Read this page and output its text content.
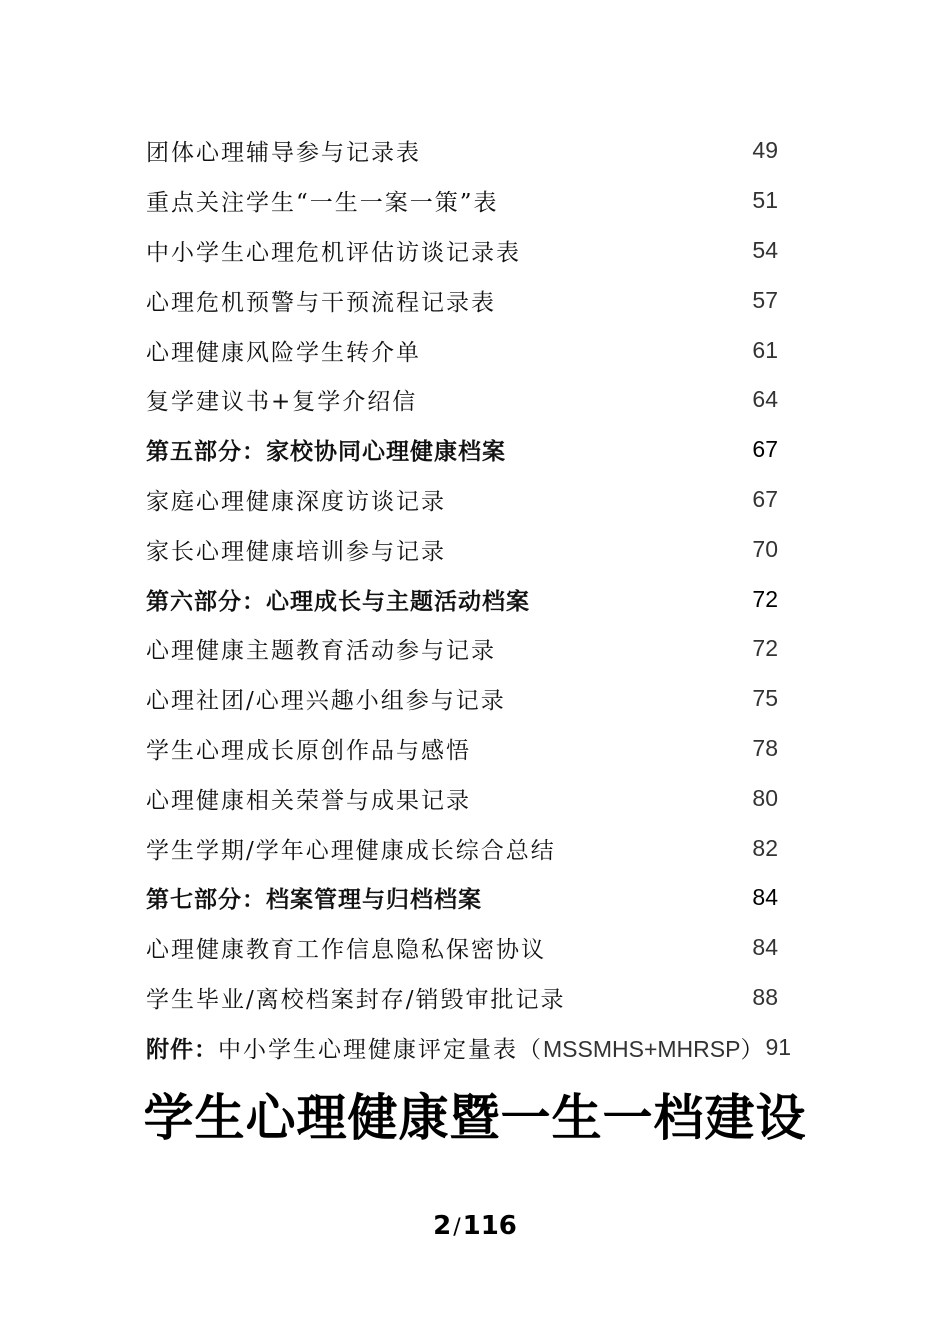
团体心理辅导参与记录表	49
重点关注学生“一生一案一策”表	51
中小学生心理危机评估访谈记录表	54
心理危机预警与干预流程记录表	57
心理健康风险学生转介单	61
复学建议书+复学介绍信	64
第五部分：家校协同心理健康档案	67
家庭心理健康深度访谈记录	67
家长心理健康培训参与记录	70
第六部分：心理成长与主题活动档案	72
心理健康主题教育活动参与记录	72
心理社团/心理兴趣小组参与记录	75
学生心理成长原创作品与感悟	78
心理健康相关荣誉与成果记录	80
学生学期/学年心理健康成长综合总结	82
第七部分：档案管理与归档档案	84
心理健康教育工作信息隐私保密协议	84
学生毕业/离校档案封存/销毁审批记录	88
附件：中小学生心理健康评定量表（MSSMHS+MHRSP） 91
学生心理健康暨一生一档建设
2/116
